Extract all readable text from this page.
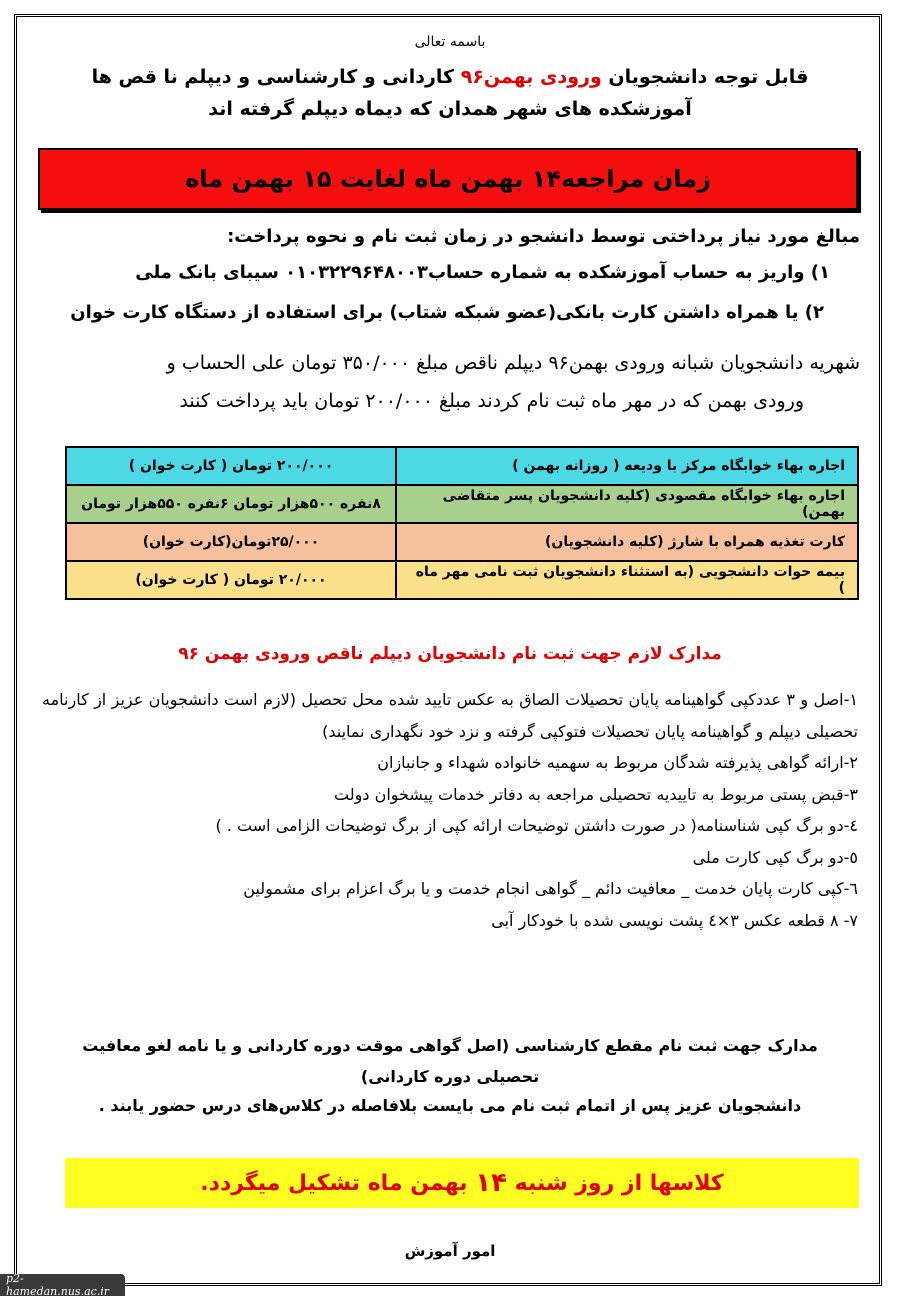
باسمه تعالی
قابل توجه دانشجویان ورودی بهمن۹۶ کاردانی و کارشناسی و دیپلم نا قص ها
آموزشکده های شهر همدان که دیماه دیپلم گرفته اند
زمان مراجعه۱۴ بهمن ماه لغایت ۱۵ بهمن ماه
مبالغ مورد نیاز پرداختی توسط دانشجو در زمان ثبت نام و نحوه پرداخت:
۱) واریز به حساب آموزشکده به شماره حساب۰۱۰۳۲۲۹۶۴۸۰۰۳ سیبای بانک ملی
۲) یا همراه داشتن کارت بانکی(عضو شبکه شتاب) برای استفاده از دستگاه کارت خوان
شهریه دانشجویان شبانه ورودی بهمن۹۶ دیپلم ناقص مبلغ ۳۵۰/۰۰۰ تومان علی الحساب و
ورودی بهمن که در مهر ماه ثبت نام کردند مبلغ ۲۰۰/۰۰۰ تومان باید پرداخت کنند
اجاره بهاء خوابگاه مرکز با ودیعه ( روزانه بهمن )	۲۰۰/۰۰۰ تومان ( کارت خوان )
اجاره بهاء خوابگاه مقصودی (کلیه دانشجویان پسر متقاضی بهمن)	۸نفره ۵۰۰هزار تومان ۶نفره ۵۵۰هزار تومان
کارت تغذیه همراه با شارژ (کلیه دانشجویان)	۲۵/۰۰۰تومان(کارت خوان)
بیمه حوات دانشجویی (به استثناء دانشجویان ثبت نامی مهر ماه )	۲۰/۰۰۰ تومان ( کارت خوان)
مدارک لازم جهت ثبت نام دانشجویان دیپلم ناقص ورودی بهمن ۹۶

۱-اصل و ۳ عددکپی گواهینامه پایان تحصیلات الصاق به عکس تایید شده محل تحصیل (لازم است دانشجویان عزیز از کارنامه تحصیلی دیپلم و گواهینامه پایان تحصیلات فتوکپی گرفته و نزد خود نگهداری نمایند)

۲-ارائه گواهی پذیرفته شدگان مربوط به سهمیه خانواده شهداء و جانبازان

۳-قبض پستی مربوط به تاییدیه تحصیلی مراجعه به دفاتر خدمات پیشخوان دولت

٤-دو برگ کپی شناسنامه( در صورت داشتن توضیحات ارائه کپی از برگ توضیحات الزامی است . )

٥-دو برگ کپی کارت ملی

٦-کپی کارت پایان خدمت _ معافیت دائم _ گواهی انجام خدمت و یا برگ اعزام برای مشمولین

۷- ۸ قطعه عکس ۳×٤ پشت نویسی شده با خودکار آبی

مدارک جهت ثبت نام مقطع کارشناسی (اصل گواهی موقت دوره کاردانی و یا نامه لغو معافیت تحصیلی دوره کاردانی)
دانشجویان عزیز پس از اتمام ثبت نام می بایست بلافاصله در کلاس‌های درس حضور یابند .
کلاسها از روز شنبه

۱۴

بهمن ماه تشکیل میگردد.
امور آموزش
p2-hamedan.nus.ac.ir
